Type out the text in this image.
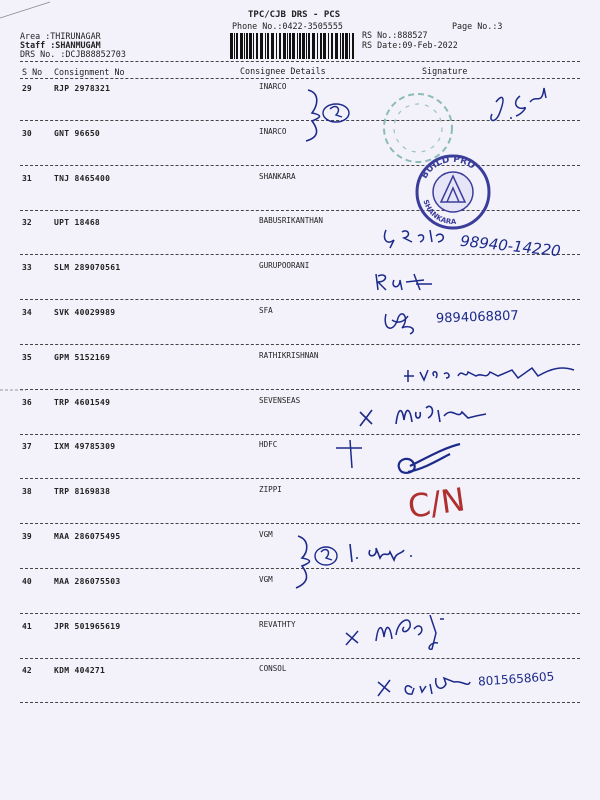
TPC/CJB DRS - PCS
Phone No.:0422-3505555	Page No.:3
Area :THIRUNAGAR
Staff :SHANMUGAM
DRS No. :DCJB88852703
RS No.:888527
RS Date:09-Feb-2022
S No Consignment No	Consignee Details	Signature
29	RJP 2978321	INARCO
30	GNT 96650	INARCO
31	TNJ 8465400	SHANKARA
32	UPT 18468	BABUSRIKANTHAN
33	SLM 289070561	GURUPOORANI
34	SVK 40029989	SFA
35	GPM 5152169	RATHIKRISHNAN
36	TRP 4601549	SEVENSEAS
37	IXM 49785309	HDFC
38	TRP 8169838	ZIPPI
39	MAA 286075495	VGM
40	MAA 286075503	VGM
41	JPR 501965619	REVATHTY
42	KDM 404271	CONSOL
BUILD PRO
SHANKARA
98940-14220
9894068807
C/N
8015658605
